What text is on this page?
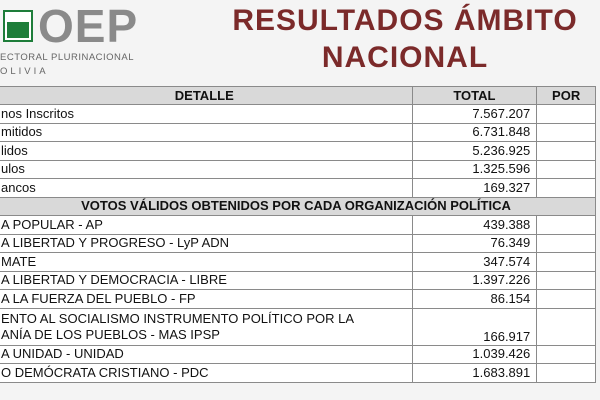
OEP
ECTORAL PLURINACIONAL
OLIVIA
RESULTADOS ÁMBITO
NACIONAL
DETALLE	TOTAL	POR
nos Inscritos	7.567.207	
mitidos	6.731.848	
lidos	5.236.925	
ulos	1.325.596	
ancos	169.327	
VOTOS VÁLIDOS OBTENIDOS POR CADA ORGANIZACIÓN POLÍTICA		
A POPULAR - AP	439.388	
A LIBERTAD Y PROGRESO - LyP ADN	76.349	
MATE	347.574	
A LIBERTAD Y DEMOCRACIA - LIBRE	1.397.226	
A LA FUERZA DEL PUEBLO - FP	86.154	

ENTO AL SOCIALISMO INSTRUMENTO POLÍTICO POR LA
ANÍA DE LOS PUEBLOS - MAS IPSP	166.917	
A UNIDAD - UNIDAD	1.039.426	
O DEMÓCRATA CRISTIANO - PDC	1.683.891	
